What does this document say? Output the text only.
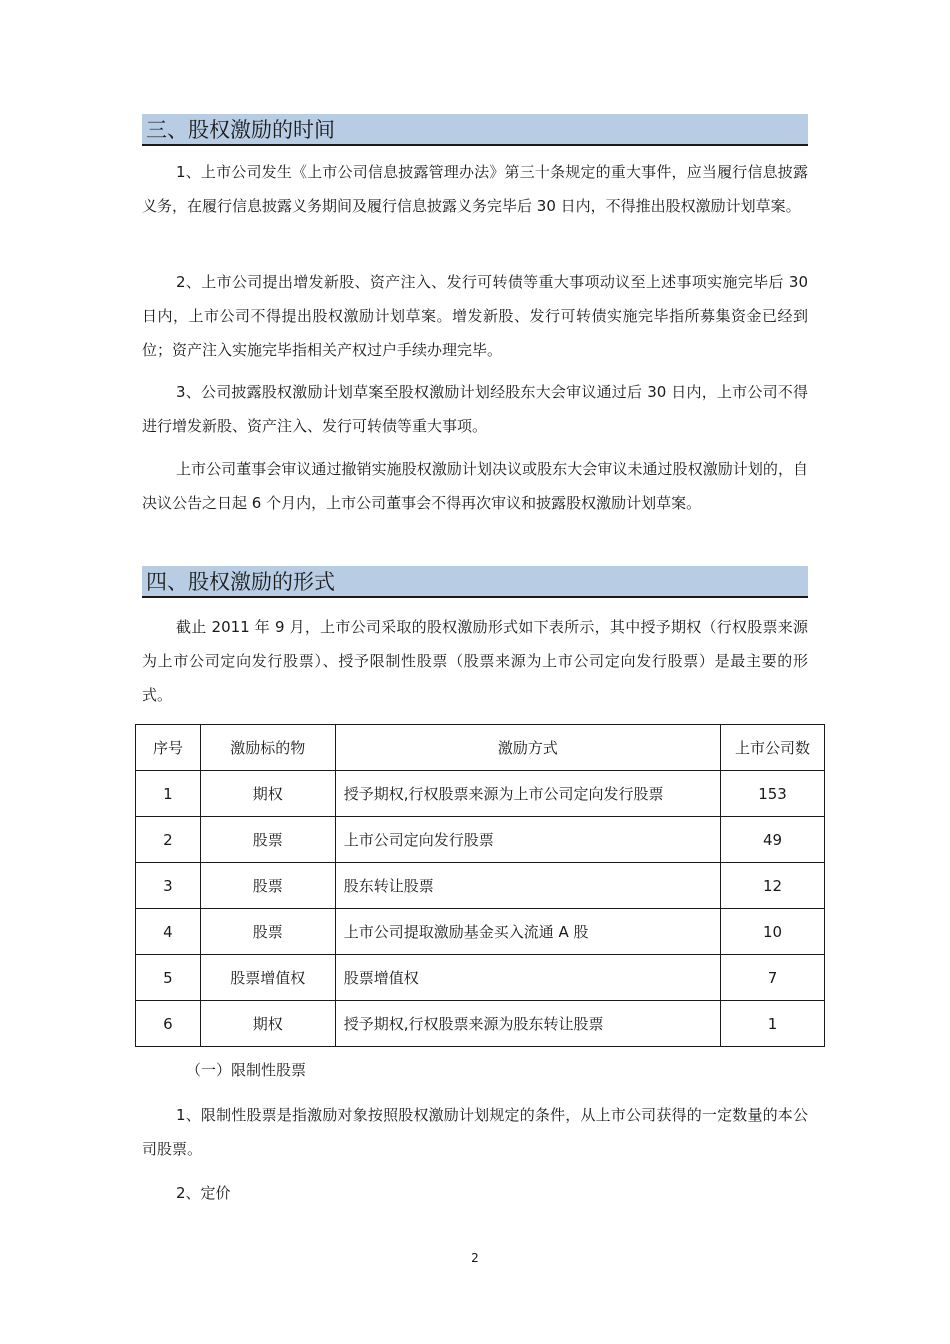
三、股权激励的时间

1、上市公司发生《上市公司信息披露管理办法》第三十条规定的重大事件，应当履行信息披露义务，在履行信息披露义务期间及履行信息披露义务完毕后 30 日内，不得推出股权激励计划草案。

2、上市公司提出增发新股、资产注入、发行可转债等重大事项动议至上述事项实施完毕后 30 日内，上市公司不得提出股权激励计划草案。增发新股、发行可转债实施完毕指所募集资金已经到位；资产注入实施完毕指相关产权过户手续办理完毕。

3、公司披露股权激励计划草案至股权激励计划经股东大会审议通过后 30 日内，上市公司不得进行增发新股、资产注入、发行可转债等重大事项。

上市公司董事会审议通过撤销实施股权激励计划决议或股东大会审议未通过股权激励计划的，自决议公告之日起 6 个月内，上市公司董事会不得再次审议和披露股权激励计划草案。

四、股权激励的形式

截止 2011 年 9 月，上市公司采取的股权激励形式如下表所示，其中授予期权（行权股票来源为上市公司定向发行股票）、授予限制性股票（股票来源为上市公司定向发行股票）是最主要的形式。

序号	激励标的物	激励方式	上市公司数
1	期权	授予期权,行权股票来源为上市公司定向发行股票	153
2	股票	上市公司定向发行股票	49
3	股票	股东转让股票	12
4	股票	上市公司提取激励基金买入流通 A 股	10
5	股票增值权	股票增值权	7
6	期权	授予期权,行权股票来源为股东转让股票	1

（一）限制性股票

1、限制性股票是指激励对象按照股权激励计划规定的条件，从上市公司获得的一定数量的本公司股票。

2、定价

2
